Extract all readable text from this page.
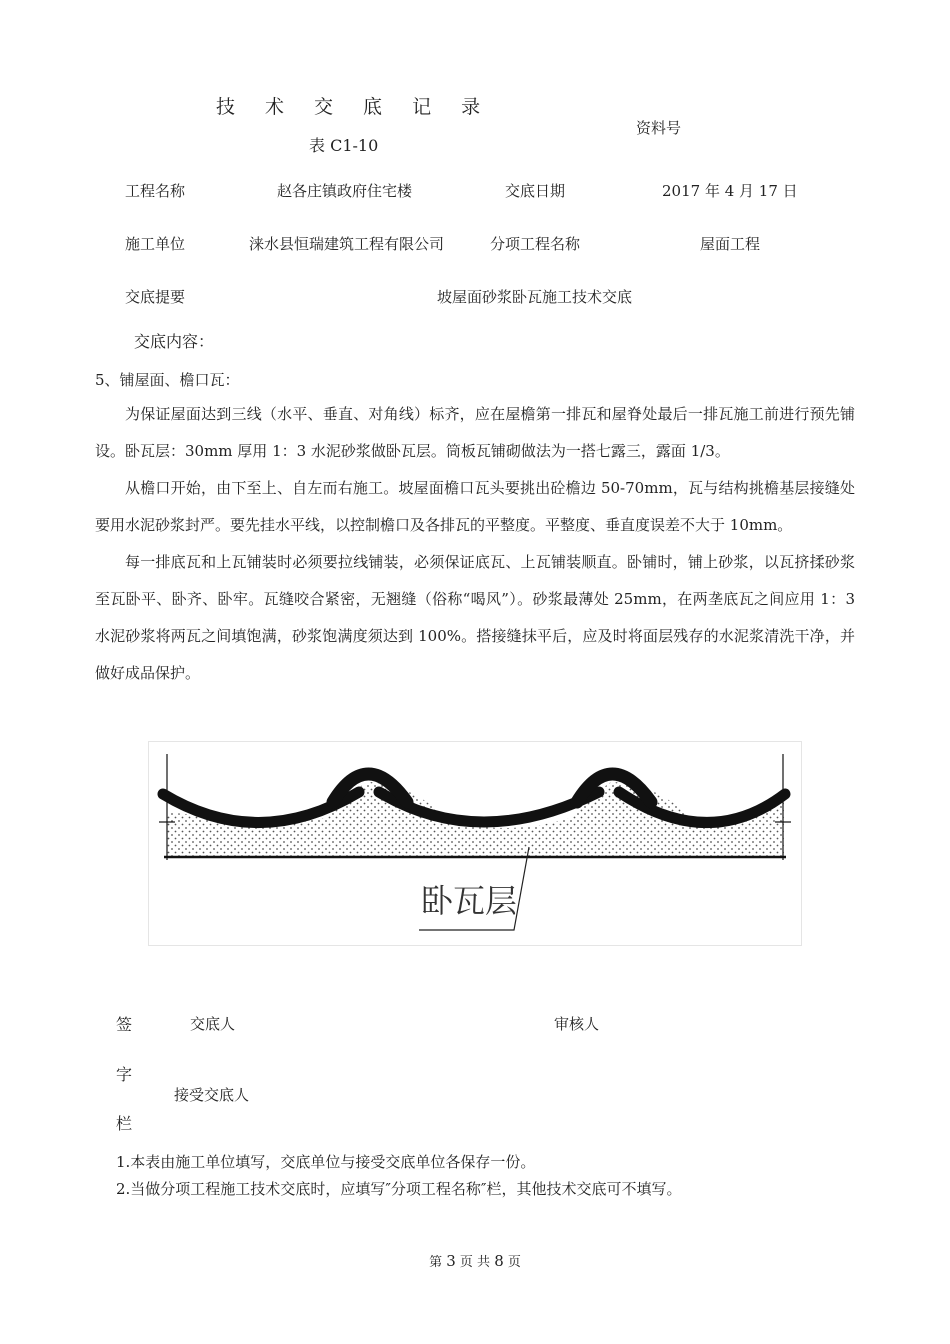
技 术 交 底 记 录
表 C1-10
资料号
工程名称	赵各庄镇政府住宅楼	交底日期	2017 年 4 月 17 日
施工单位	涞水县恒瑞建筑工程有限公司	分项工程名称	屋面工程
交底提要	坡屋面砂浆卧瓦施工技术交底
交底内容：
5、铺屋面、檐口瓦：

为保证屋面达到三线（水平、垂直、对角线）标齐，应在屋檐第一排瓦和屋脊处最后一排瓦施工前进行预先铺设。卧瓦层：30mm 厚用 1：3 水泥砂浆做卧瓦层。筒板瓦铺砌做法为一搭七露三，露面 1/3。

从檐口开始，由下至上、自左而右施工。坡屋面檐口瓦头要挑出砼檐边 50-70mm，瓦与结构挑檐基层接缝处要用水泥砂浆封严。要先挂水平线，以控制檐口及各排瓦的平整度。平整度、垂直度误差不大于 10mm。

每一排底瓦和上瓦铺装时必须要拉线铺装，必须保证底瓦、上瓦铺装顺直。卧铺时，铺上砂浆，以瓦挤揉砂浆至瓦卧平、卧齐、卧牢。瓦缝咬合紧密，无翘缝（俗称“喝风”）。砂浆最薄处 25mm，在两垄底瓦之间应用 1：3 水泥砂浆将两瓦之间填饱满，砂浆饱满度须达到 100%。搭接缝抹平后，应及时将面层残存的水泥浆清洗干净，并做好成品保护。

卧瓦层
签
字
栏
交底人	审核人
接受交底人
1.本表由施工单位填写，交底单位与接受交底单位各保存一份。
2.当做分项工程施工技术交底时，应填写″分项工程名称″栏，其他技术交底可不填写。
第 3 页 共 8 页
